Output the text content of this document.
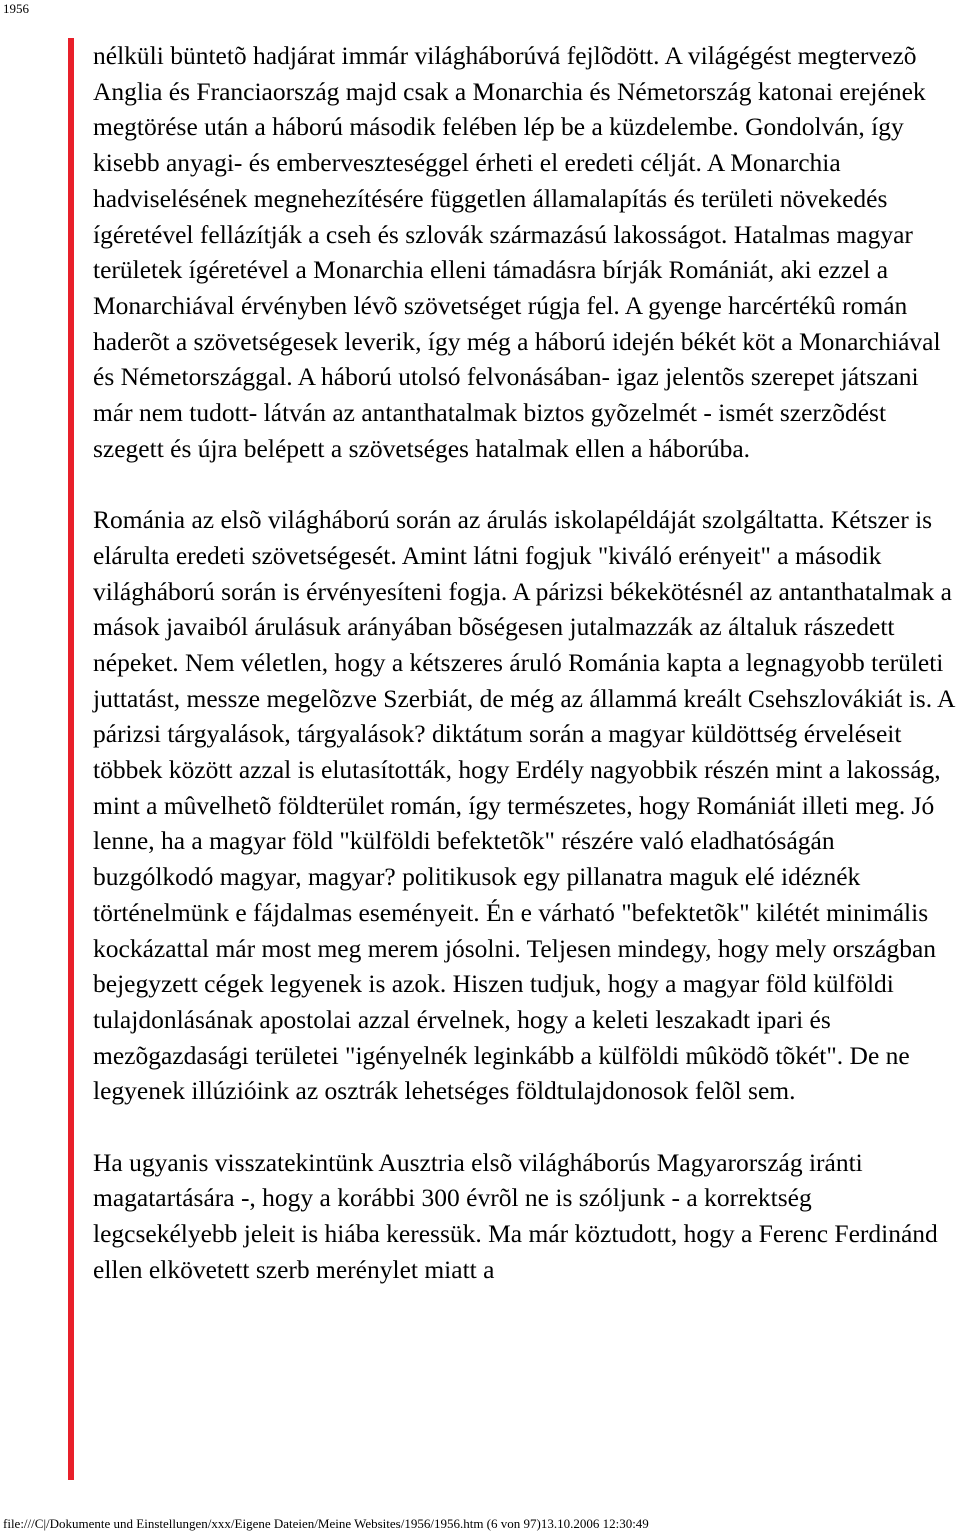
1956

nélküli büntetõ hadjárat immár világháborúvá fejlõdött. A világégést megtervezõ Anglia és Franciaország majd csak a Monarchia és Németország katonai erejének megtörése után a háború második felében lép be a küzdelembe. Gondolván, így kisebb anyagi- és emberveszteséggel érheti el eredeti célját. A Monarchia hadviselésének megnehezítésére független államalapítás és területi növekedés ígéretével fellázítják a cseh és szlovák származású lakosságot. Hatalmas magyar területek ígéretével a Monarchia elleni támadásra bírják Romániát, aki ezzel a Monarchiával érvényben lévõ szövetséget rúgja fel. A gyenge harcértékû román haderõt a szövetségesek leverik, így még a háború idején békét köt a Monarchiával és Németországgal. A háború utolsó felvonásában- igaz jelentõs szerepet játszani már nem tudott- látván az antanthatalmak biztos gyõzelmét - ismét szerzõdést szegett és újra belépett a szövetséges hatalmak ellen a háborúba.

Románia az elsõ világháború során az árulás iskolapéldáját szolgáltatta. Kétszer is elárulta eredeti szövetségesét. Amint látni fogjuk "kiváló erényeit" a második világháború során is érvényesíteni fogja. A párizsi békekötésnél az antanthatalmak a mások javaiból árulásuk arányában bõségesen jutalmazzák az általuk rászedett népeket. Nem véletlen, hogy a kétszeres áruló Románia kapta a legnagyobb területi juttatást, messze megelõzve Szerbiát, de még az állammá kreált Csehszlovákiát is. A párizsi tárgyalások, tárgyalások? diktátum során a magyar küldöttség érveléseit többek között azzal is elutasították, hogy Erdély nagyobbik részén mint a lakosság, mint a mûvelhetõ földterület román, így természetes, hogy Romániát illeti meg. Jó lenne, ha a magyar föld "külföldi befektetõk" részére való eladhatóságán buzgólkodó magyar, magyar? politikusok egy pillanatra maguk elé idéznék történelmünk e fájdalmas eseményeit. Én e várható "befektetõk" kilétét minimális kockázattal már most meg merem jósolni. Teljesen mindegy, hogy mely országban bejegyzett cégek legyenek is azok. Hiszen tudjuk, hogy a magyar föld külföldi tulajdonlásának apostolai azzal érvelnek, hogy a keleti leszakadt ipari és mezõgazdasági területei "igényelnék leginkább a külföldi mûködõ tõkét". De ne legyenek illúzióink az osztrák lehetséges földtulajdonosok felõl sem.

Ha ugyanis visszatekintünk Ausztria elsõ világháborús Magyarország iránti magatartására -, hogy a korábbi 300 évrõl ne is szóljunk - a korrektség legcsekélyebb jeleit is hiába keressük. Ma már köztudott, hogy a Ferenc Ferdinánd ellen elkövetett szerb merénylet miatt a

file:///C|/Dokumente und Einstellungen/xxx/Eigene Dateien/Meine Websites/1956/1956.htm (6 von 97)13.10.2006 12:30:49
